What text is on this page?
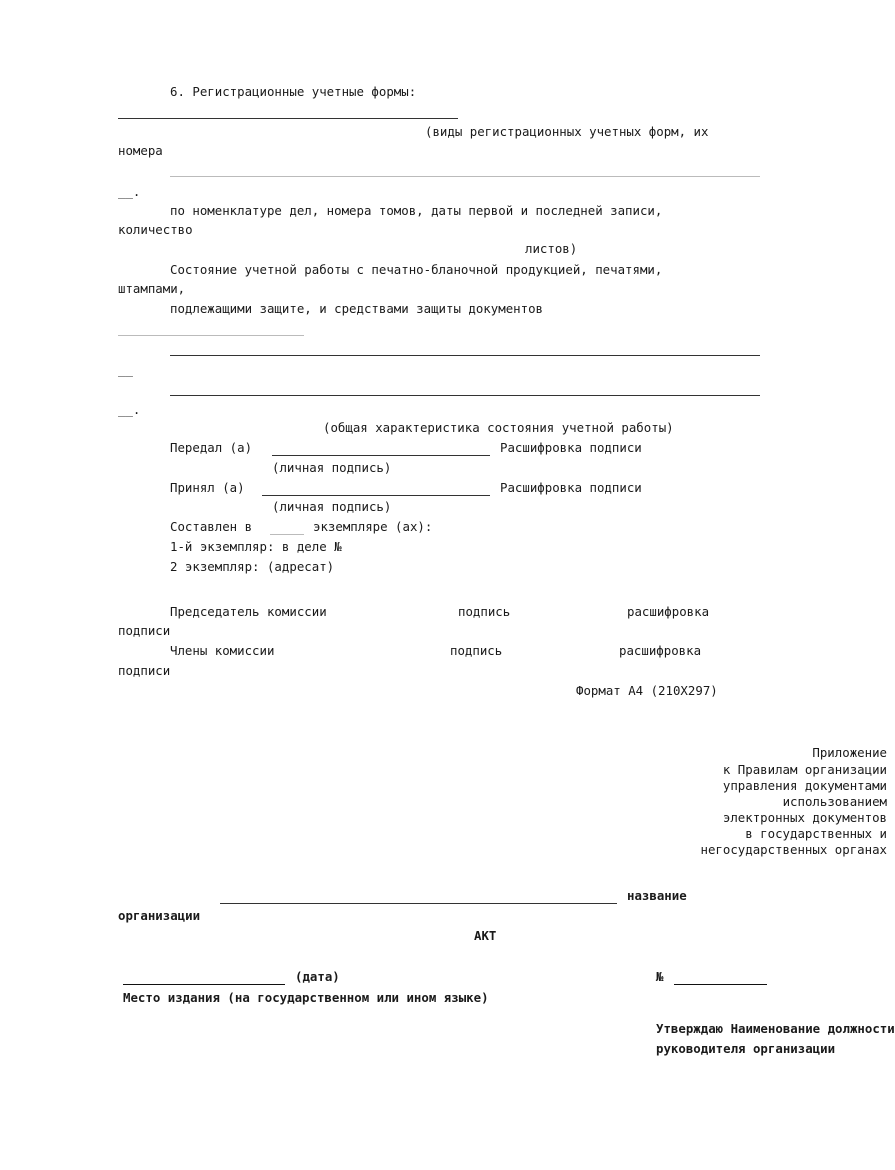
6. Регистрационные учетные формы:
(виды регистрационных учетных форм, их
номера
__.
по номенклатуре дел, номера томов, даты первой и последней записи,
количество
листов)
Состояние учетной работы с печатно-бланочной продукцией, печатями,
штампами,
подлежащими защите, и средствами защиты документов
__
__.
(общая характеристика состояния учетной работы)
Передал (а)	Расшифровка подписи
(личная подпись)
Принял (а)	Расшифровка подписи
(личная подпись)
Составлен в	экземпляре (ах):
1-й экземпляр: в деле №
2 экземпляр: (адресат)
Председатель комиссии	подпись	расшифровка
подписи
Члены комиссии	подпись	расшифровка
подписи
Формат А4 (210Х297)
Приложение
к Правилам организации
управления документами
использованием
электронных документов
в государственных и
негосударственных органах
название
организации
АКТ
(дата)	№
Место издания (на государственном или ином языке)
Утверждаю Наименование должности
руководителя организации
